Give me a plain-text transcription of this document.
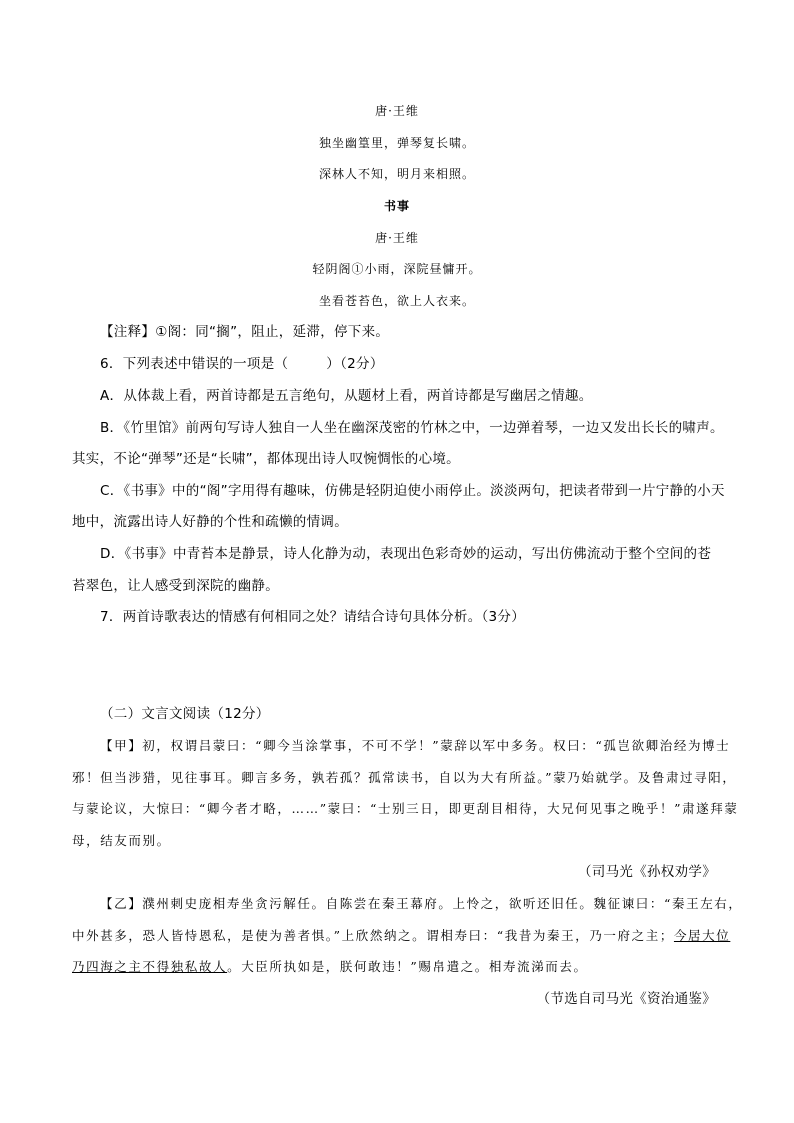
唐·王维
独坐幽篁里，弹琴复长啸。
深林人不知，明月来相照。
书事
唐·王维
轻阴阁①小雨，深院昼慵开。
坐看苍苔色，欲上人衣来。
【注释】①阁：同“搁”，阻止，延滞，停下来。
6．下列表述中错误的一项是（	）（2分）
A．从体裁上看，两首诗都是五言绝句，从题材上看，两首诗都是写幽居之情趣。
B．《竹里馆》前两句写诗人独自一人坐在幽深茂密的竹林之中，一边弹着琴，一边又发出长长的啸声。
其实，不论“弹琴”还是“长啸”，都体现出诗人叹惋惆怅的心境。
C．《书事》中的“阁”字用得有趣味，仿佛是轻阴迫使小雨停止。淡淡两句，把读者带到一片宁静的小天
地中，流露出诗人好静的个性和疏懒的情调。
D．《书事》中青苔本是静景，诗人化静为动，表现出色彩奇妙的运动，写出仿佛流动于整个空间的苍
苔翠色，让人感受到深院的幽静。
7．两首诗歌表达的情感有何相同之处？请结合诗句具体分析。（3分）
（二）文言文阅读（12分）
【甲】初，权谓吕蒙曰：“卿今当涂掌事，不可不学！”蒙辞以军中多务。权曰：“孤岂欲卿治经为博士
邪！但当涉猎，见往事耳。卿言多务，孰若孤？孤常读书，自以为大有所益。”蒙乃始就学。及鲁肃过寻阳，
与蒙论议，大惊曰：“卿今者才略，……”蒙曰：“士别三日，即更刮目相待，大兄何见事之晚乎！”肃遂拜蒙
母，结友而别。
（司马光《孙权劝学》
【乙】濮州刺史庞相寿坐贪污解任。自陈尝在秦王幕府。上怜之，欲听还旧任。魏征谏曰：“秦王左右，
中外甚多，恐人皆恃恩私，是使为善者惧。”上欣然纳之。谓相寿曰：“我昔为秦王，乃一府之主；今居大位
乃四海之主不得独私故人。大臣所执如是，朕何敢违！”赐帛遣之。相寿流涕而去。
（节选自司马光《资治通鉴》
